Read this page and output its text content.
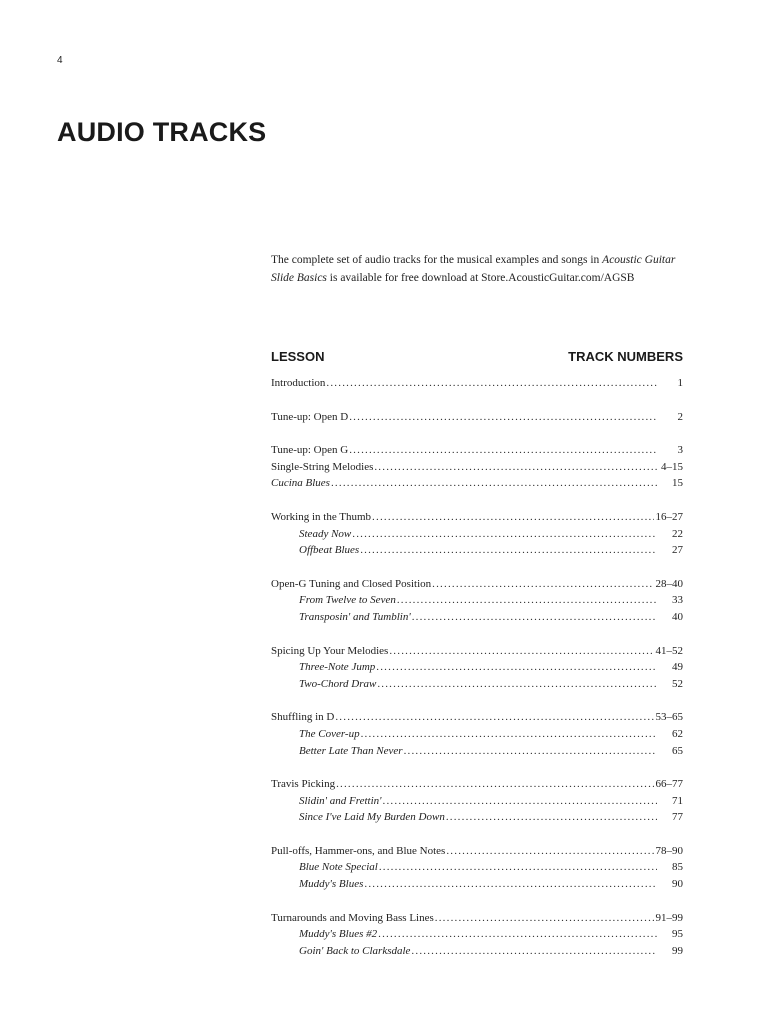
4
AUDIO TRACKS

The complete set of audio tracks for the musical examples and songs in Acoustic Guitar Slide Basics is available for free download at Store.AcousticGuitar.com/AGSB

LESSON	TRACK NUMBERS
Introduction .....	1
Tune-up: Open D .....	2
Tune-up: Open G .....	3
Single-String Melodies .....	4–15
Cucina Blues .....	15
Working in the Thumb .....	16–27
Steady Now .....	22
Offbeat Blues .....	27
Open-G Tuning and Closed Position .....	28–40
From Twelve to Seven .....	33
Transposin' and Tumblin' .....	40
Spicing Up Your Melodies .....	41–52
Three-Note Jump .....	49
Two-Chord Draw .....	52
Shuffling in D .....	53–65
The Cover-up .....	62
Better Late Than Never .....	65
Travis Picking .....	66–77
Slidin' and Frettin' .....	71
Since I've Laid My Burden Down .....	77
Pull-offs, Hammer-ons, and Blue Notes .....	78–90
Blue Note Special .....	85
Muddy's Blues .....	90
Turnarounds and Moving Bass Lines .....	91–99
Muddy's Blues #2 .....	95
Goin' Back to Clarksdale .....	99
